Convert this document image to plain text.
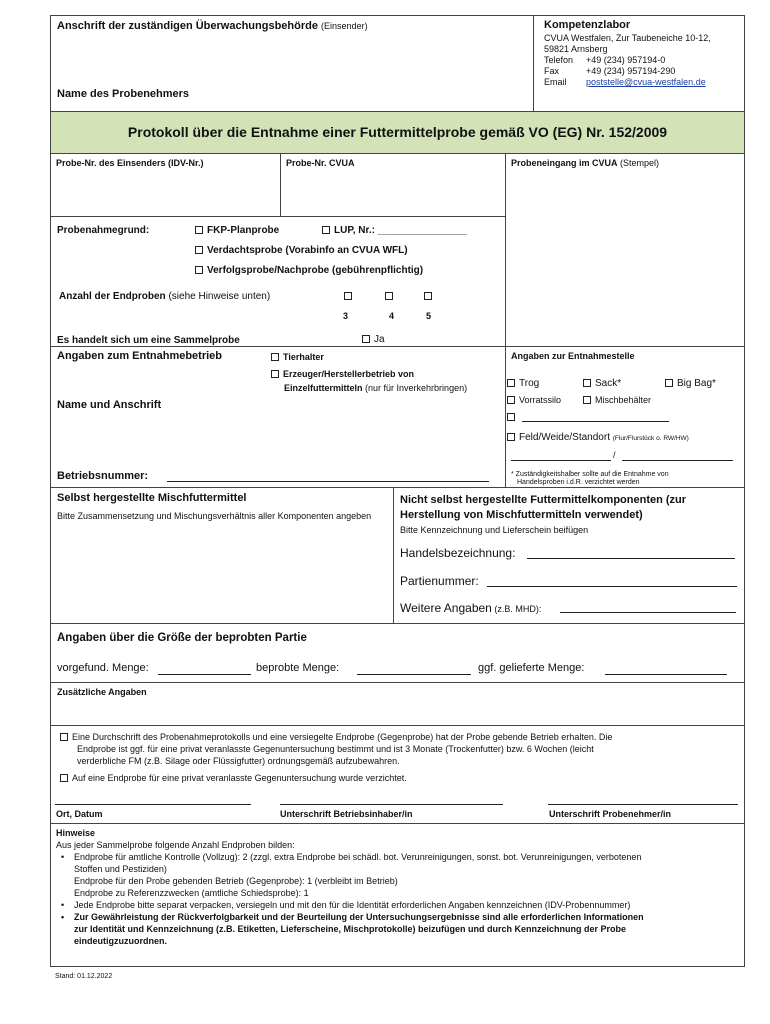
Anschrift der zuständigen Überwachungsbehörde (Einsender)
Name des Probenehmers
Kompetenzlabor
CVUA Westfalen, Zur Taubeneiche 10-12,
59821 Arnsberg
Telefon +49 (234) 957194-0
Fax	+49 (234) 957194-290
Email poststelle@cvua-westfalen.de
Protokoll über die Entnahme einer Futtermittelprobe gemäß VO (EG) Nr. 152/2009
Probe-Nr. des Einsenders (IDV-Nr.)	Probe-Nr. CVUA	Probeneingang im CVUA (Stempel)
Probenahmegrund:	FKP-Planprobe	LUP, Nr.: ________________
Verdachtsprobe (Vorabinfo an CVUA WFL)
Verfolgsprobe/Nachprobe (gebührenpflichtig)
Anzahl der Endproben (siehe Hinweise unten)
3	4	5
Es handelt sich um eine Sammelprobe	Ja
Angaben zum Entnahmebetrieb	Tierhalter
Erzeuger/Herstellerbetrieb von
Einzelfuttermitteln (nur für Inverkehrbringen)
Name und Anschrift
Betriebsnummer:
Angaben zur Entnahmestelle
Trog	Sack*	Big Bag*
Vorratssilo	Mischbehälter
Feld/Weide/Standort (Flur/Flurstück o. RW/HW)
/
* Zuständigkeitshalber sollte auf die Entnahme von
Handelsproben i.d.R. verzichtet werden
Selbst hergestellte Mischfuttermittel
Bitte Zusammensetzung und Mischungsverhältnis aller Komponenten angeben
Nicht selbst hergestellte Futtermittelkomponenten (zur
Herstellung von Mischfuttermitteln verwendet)
Bitte Kennzeichnung und Lieferschein beifügen
Handelsbezeichnung:
Partienummer:
Weitere Angaben (z.B. MHD):
Angaben über die Größe der beprobten Partie
vorgefund. Menge:	beprobte Menge:	ggf. gelieferte Menge:
Zusätzliche Angaben
Eine Durchschrift des Probenahmeprotokolls und eine versiegelte Endprobe (Gegenprobe) hat der Probe gebende Betrieb erhalten. Die
Endprobe ist ggf. für eine privat veranlasste Gegenuntersuchung bestimmt und ist 3 Monate (Trockenfutter) bzw. 6 Wochen (leicht
verderbliche FM (z.B. Silage oder Flüssigfutter) ordnungsgemäß aufzubewahren.
Auf eine Endprobe für eine privat veranlasste Gegenuntersuchung wurde verzichtet.
Ort, Datum	Unterschrift Betriebsinhaber/in	Unterschrift Probenehmer/in
Hinweise
Aus jeder Sammelprobe folgende Anzahl Endproben bilden:
• Endprobe für amtliche Kontrolle (Vollzug): 2 (zzgl. extra Endprobe bei schädl. bot. Verunreinigungen, sonst. bot. Verunreinigungen, verbotenen
Stoffen und Pestiziden)
Endprobe für den Probe gebenden Betrieb (Gegenprobe): 1 (verbleibt im Betrieb)
Endprobe zu Referenzzwecken (amtliche Schiedsprobe): 1
• Jede Endprobe bitte separat verpacken, versiegeln und mit den für die Identität erforderlichen Angaben kennzeichnen (IDV-Probennummer)
• Zur Gewährleistung der Rückverfolgbarkeit und der Beurteilung der Untersuchungsergebnisse sind alle erforderlichen Informationen
zur Identität und Kennzeichnung (z.B. Etiketten, Lieferscheine, Mischprotokolle) beizufügen und durch Kennzeichnung der Probe
eindeutigzuzuordnen.
Stand: 01.12.2022
